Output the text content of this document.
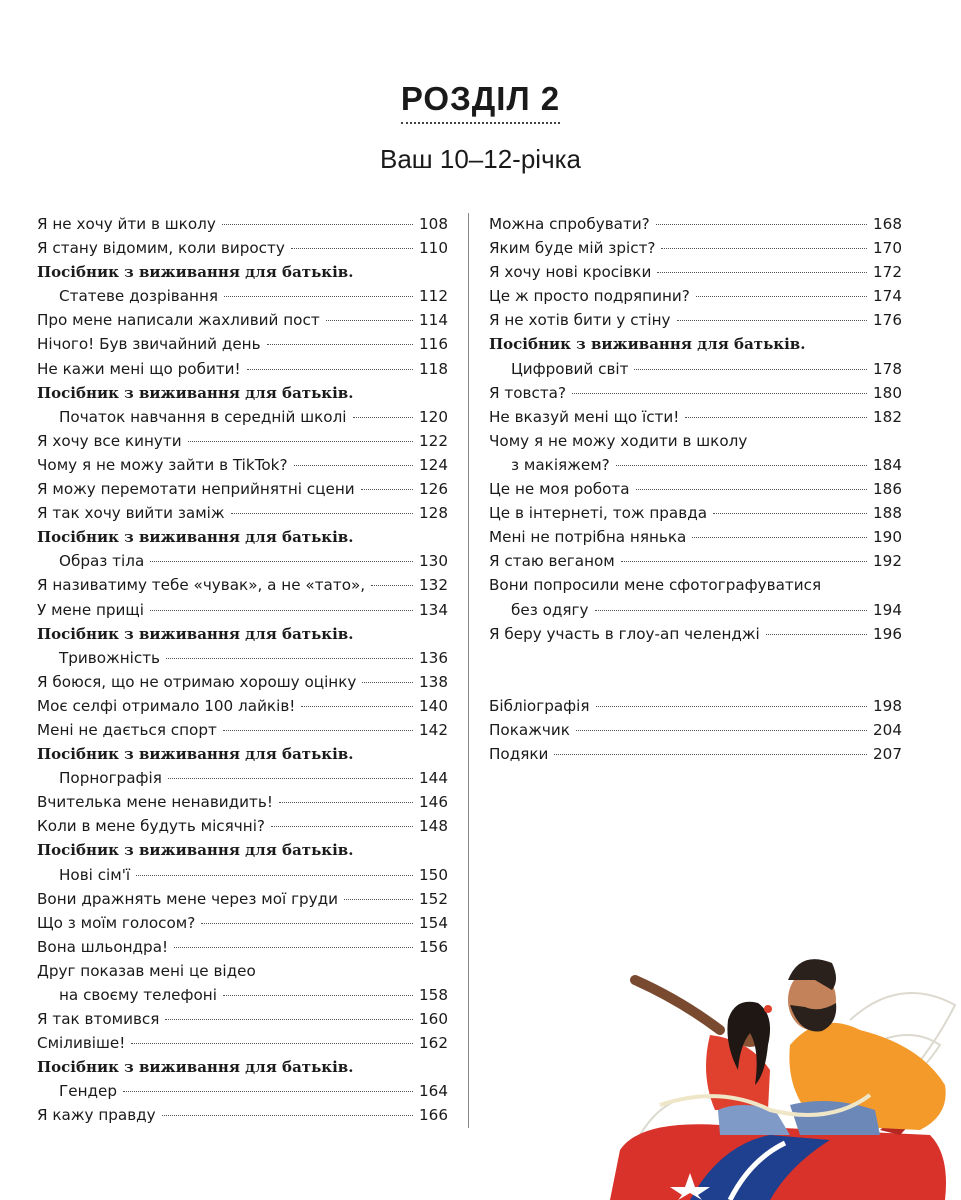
РОЗДІЛ 2
Ваш 10–12-річка
Я не хочу йти в школу	108
Я стану відомим, коли виросту	110
Посібник з виживання для батьків.
Статеве дозрівання	112
Про мене написали жахливий пост	114
Нічого! Був звичайний день	116
Не кажи мені що робити!	118
Посібник з виживання для батьків.
Початок навчання в середній школі	120
Я хочу все кинути	122
Чому я не можу зайти в TikTok?	124
Я можу перемотати неприйнятні сцени	126
Я так хочу вийти заміж	128
Посібник з виживання для батьків.
Образ тіла	130
Я називатиму тебе «чувак», а не «тато»,	132
У мене прищі	134
Посібник з виживання для батьків.
Тривожність	136
Я боюся, що не отримаю хорошу оцінку	138
Моє селфі отримало 100 лайків!	140
Мені не дається спорт	142
Посібник з виживання для батьків.
Порнографія	144
Вчителька мене ненавидить!	146
Коли в мене будуть місячні?	148
Посібник з виживання для батьків.
Нові сім'ї	150
Вони дражнять мене через мої груди	152
Що з моїм голосом?	154
Вона шльондра!	156
Друг показав мені це відео
на своєму телефоні	158
Я так втомився	160
Сміливіше!	162
Посібник з виживання для батьків.
Гендер	164
Я кажу правду	166
Можна спробувати?	168
Яким буде мій зріст?	170
Я хочу нові кросівки	172
Це ж просто подряпини?	174
Я не хотів бити у стіну	176
Посібник з виживання для батьків.
Цифровий світ	178
Я товста?	180
Не вказуй мені що їсти!	182
Чому я не можу ходити в школу
з макіяжем?	184
Це не моя робота	186
Це в інтернеті, тож правда	188
Мені не потрібна нянька	190
Я стаю веганом	192
Вони попросили мене сфотографуватися
без одягу	194
Я беру участь в глоу-ап челенджі	196
Бібліографія	198
Покажчик	204
Подяки	207
